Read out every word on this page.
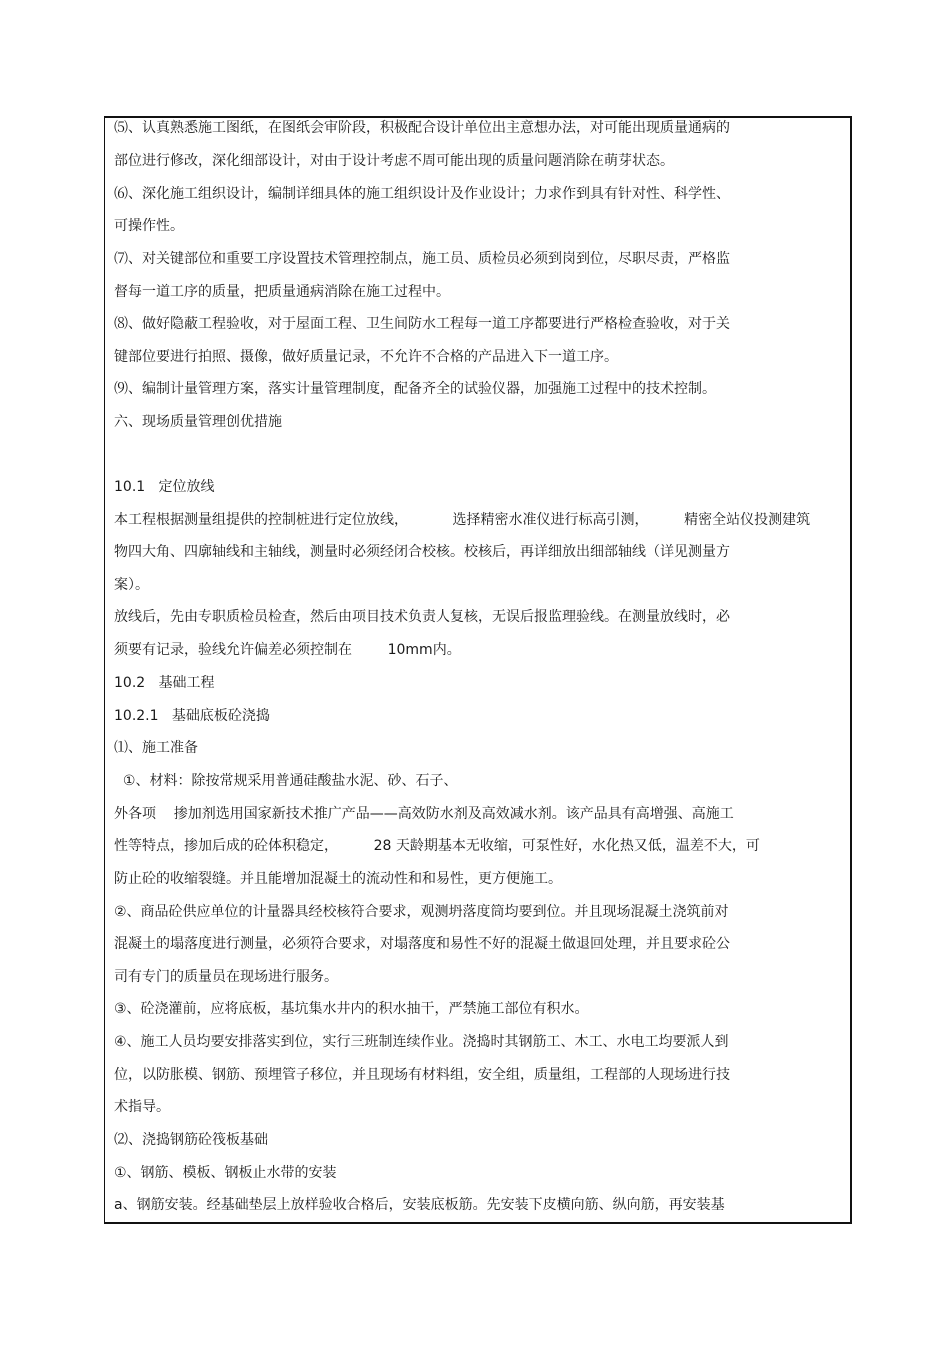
⑸、认真熟悉施工图纸，在图纸会审阶段，积极配合设计单位出主意想办法，对可能出现质量通病的
部位进行修改，深化细部设计，对由于设计考虑不周可能出现的质量问题消除在萌芽状态。
⑹、深化施工组织设计，编制详细具体的施工组织设计及作业设计；力求作到具有针对性、科学性、
可操作性。
⑺、对关键部位和重要工序设置技术管理控制点，施工员、质检员必须到岗到位，尽职尽责，严格监
督每一道工序的质量，把质量通病消除在施工过程中。
⑻、做好隐蔽工程验收，对于屋面工程、卫生间防水工程每一道工序都要进行严格检查验收，对于关
键部位要进行拍照、摄像，做好质量记录，不允许不合格的产品进入下一道工序。
⑼、编制计量管理方案，落实计量管理制度，配备齐全的试验仪器，加强施工过程中的技术控制。
六、现场质量管理创优措施
10.1   定位放线
本工程根据测量组提供的控制桩进行定位放线，          选择精密水准仪进行标高引测，        精密全站仪投测建筑
物四大角、四廓轴线和主轴线，测量时必须经闭合校核。校核后，再详细放出细部轴线（详见测量方
案）。
放线后，先由专职质检员检查，然后由项目技术负责人复核，无误后报监理验线。在测量放线时，必
须要有记录，验线允许偏差必须控制在        10mm内。
10.2   基础工程
10.2.1   基础底板砼浇捣
⑴、施工准备
①、材料：除按常规采用普通硅酸盐水泥、砂、石子、
外各项    掺加剂选用国家新技术推广产品——高效防水剂及高效减水剂。该产品具有高增强、高施工
性等特点，掺加后成的砼体积稳定，        28 天龄期基本无收缩，可泵性好，水化热又低，温差不大，可
防止砼的收缩裂缝。并且能增加混凝土的流动性和和易性，更方便施工。
②、商品砼供应单位的计量器具经校核符合要求，观测坍落度筒均要到位。并且现场混凝土浇筑前对
混凝土的塌落度进行测量，必须符合要求，对塌落度和易性不好的混凝土做退回处理，并且要求砼公
司有专门的质量员在现场进行服务。
③、砼浇灌前，应将底板，基坑集水井内的积水抽干，严禁施工部位有积水。
④、施工人员均要安排落实到位，实行三班制连续作业。浇捣时其钢筋工、木工、水电工均要派人到
位，以防胀模、钢筋、预埋管子移位，并且现场有材料组，安全组，质量组，工程部的人现场进行技
术指导。
⑵、浇捣钢筋砼筏板基础
①、钢筋、模板、钢板止水带的安装
a、钢筋安装。经基础垫层上放样验收合格后，安装底板筋。先安装下皮横向筋、纵向筋，再安装基
